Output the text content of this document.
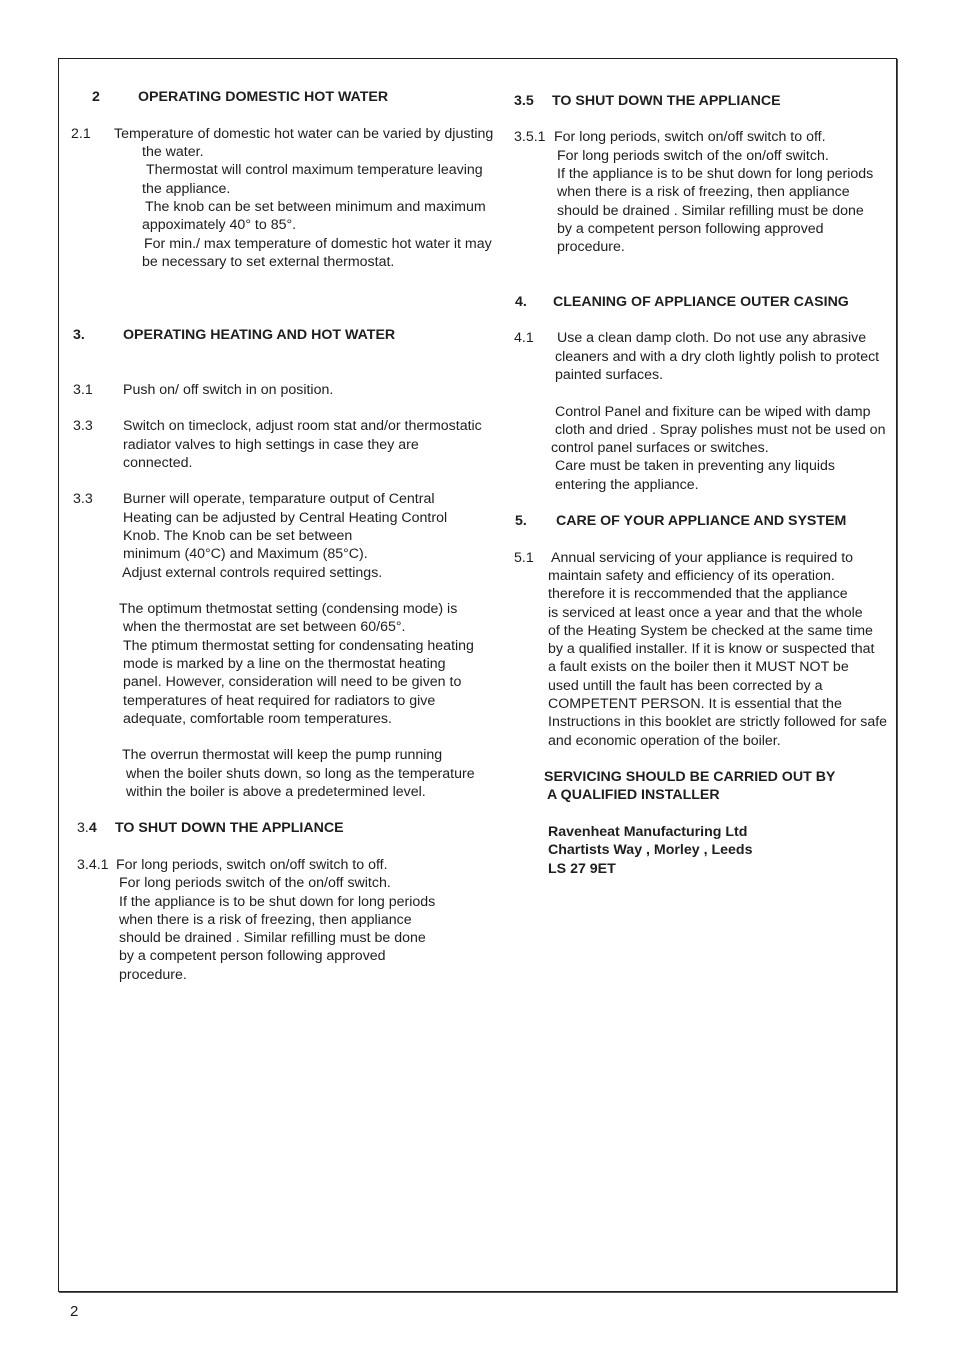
2	OPERATING DOMESTIC HOT WATER
2.1 Temperature of domestic hot water can be varied by djusting
the water.
Thermostat will control maximum temperature leaving
the appliance.
The knob can be set between minimum and maximum
appoximately 40° to 85°.
For min./ max temperature of domestic hot water it may
be necessary to set external thermostat.
3.	OPERATING HEATING AND HOT WATER
3.1 Push on/ off switch in on position.
3.3 Switch on timeclock, adjust room stat and/or thermostatic
radiator valves to high settings in case they are
connected.
3.3 Burner will operate, temparature output of Central
Heating can be adjusted by Central Heating Control
Knob. The Knob can be set between
minimum (40°C) and Maximum (85°C).
Adjust external controls required settings.
The optimum thetmostat setting (condensing mode) is
when the thermostat are set between 60/65°.
The ptimum thermostat setting for condensating heating
mode is marked by a line on the thermostat heating
panel. However, consideration will need to be given to
temperatures of heat required for radiators to give
adequate, comfortable room temperatures.
The overrun thermostat will keep the pump running
when the boiler shuts down, so long as the temperature
within the boiler is above a predetermined level.
3.4 TO SHUT DOWN THE APPLIANCE
3.4.1 For long periods, switch on/off switch to off.
For long periods switch of the on/off switch.
If the appliance is to be shut down for long periods
when there is a risk of freezing, then appliance
should be drained . Similar refilling must be done
by a competent person following approved
procedure.
3.5 TO SHUT DOWN THE APPLIANCE
3.5.1 For long periods, switch on/off switch to off.
For long periods switch of the on/off switch.
If the appliance is to be shut down for long periods
when there is a risk of freezing, then appliance
should be drained . Similar refilling must be done
by a competent person following approved
procedure.
4. CLEANING OF APPLIANCE OUTER CASING
4.1 Use a clean damp cloth. Do not use any abrasive
cleaners and with a dry cloth lightly polish to protect
painted surfaces.
Control Panel and fixiture can be wiped with damp
cloth and dried . Spray polishes must not be used on
control panel surfaces or switches.
Care must be taken in preventing any liquids
entering the appliance.
5. CARE OF YOUR APPLIANCE AND SYSTEM
5.1 Annual servicing of your appliance is required to
maintain safety and efficiency of its operation.
therefore it is reccommended that the appliance
is serviced at least once a year and that the whole
of the Heating System be checked at the same time
by a qualified installer. If it is know or suspected that
a fault exists on the boiler then it MUST NOT be
used untill the fault has been corrected by a
COMPETENT PERSON. It is essential that the
Instructions in this booklet are strictly followed for safe
and economic operation of the boiler.
SERVICING SHOULD BE CARRIED OUT BY
A QUALIFIED INSTALLER
Ravenheat Manufacturing Ltd
Chartists Way , Morley , Leeds
LS 27 9ET
2
